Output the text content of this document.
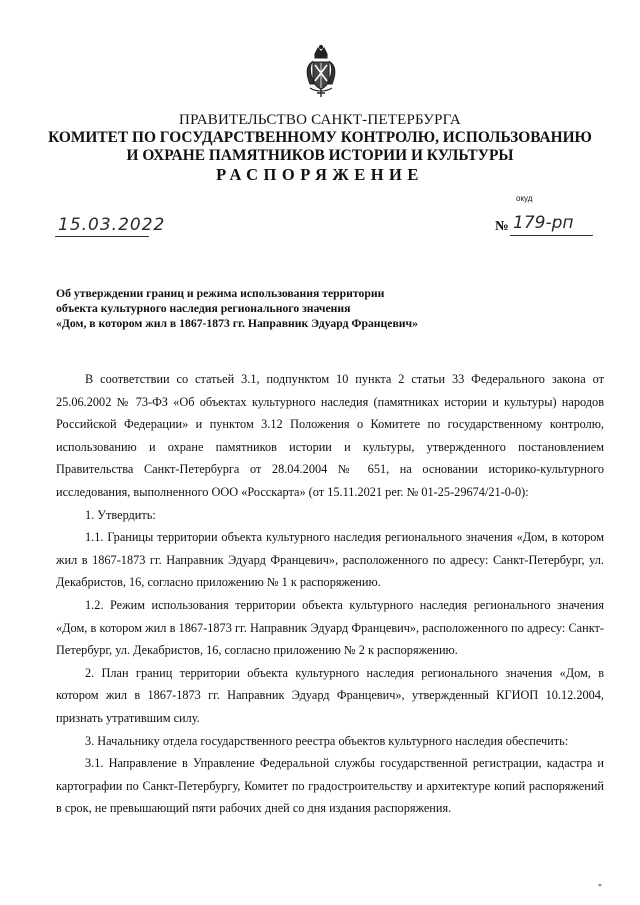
ПРАВИТЕЛЬСТВО САНКТ-ПЕТЕРБУРГА
КОМИТЕТ ПО ГОСУДАРСТВЕННОМУ КОНТРОЛЮ, ИСПОЛЬЗОВАНИЮ
И ОХРАНЕ ПАМЯТНИКОВ ИСТОРИИ И КУЛЬТУРЫ
РАСПОРЯЖЕНИЕ
окуд
15.03.2022	№ 179-рп
Об утверждении границ и режима использования территории
объекта культурного наследия регионального значения
«Дом, в котором жил в 1867-1873 гг. Направник Эдуард Францевич»

В соответствии со статьей 3.1, подпунктом 10 пункта 2 статьи 33 Федерального закона от 25.06.2002 № 73-ФЗ «Об объектах культурного наследия (памятниках истории и культуры) народов Российской Федерации» и пунктом 3.12 Положения о Комитете по государственному контролю, использованию и охране памятников истории и культуры, утвержденного постановлением Правительства Санкт-Петербурга от 28.04.2004 № 651, на основании историко-культурного исследования, выполненного ООО «Росскарта» (от 15.11.2021 рег. № 01-25-29674/21-0-0):

1. Утвердить:

1.1. Границы территории объекта культурного наследия регионального значения «Дом, в котором жил в 1867-1873 гг. Направник Эдуард Францевич», расположенного по адресу: Санкт-Петербург, ул. Декабристов, 16, согласно приложению № 1 к распоряжению.

1.2. Режим использования территории объекта культурного наследия регионального значения «Дом, в котором жил в 1867-1873 гг. Направник Эдуард Францевич», расположенного по адресу: Санкт-Петербург, ул. Декабристов, 16, согласно приложению № 2 к распоряжению.

2. План границ территории объекта культурного наследия регионального значения «Дом, в котором жил в 1867-1873 гг. Направник Эдуард Францевич», утвержденный КГИОП 10.12.2004, признать утратившим силу.

3. Начальнику отдела государственного реестра объектов культурного наследия обеспечить:

3.1. Направление в Управление Федеральной службы государственной регистрации, кадастра и картографии по Санкт-Петербургу, Комитет по градостроительству и архитектуре копий распоряжений в срок, не превышающий пяти рабочих дней со дня издания распоряжения.

*
